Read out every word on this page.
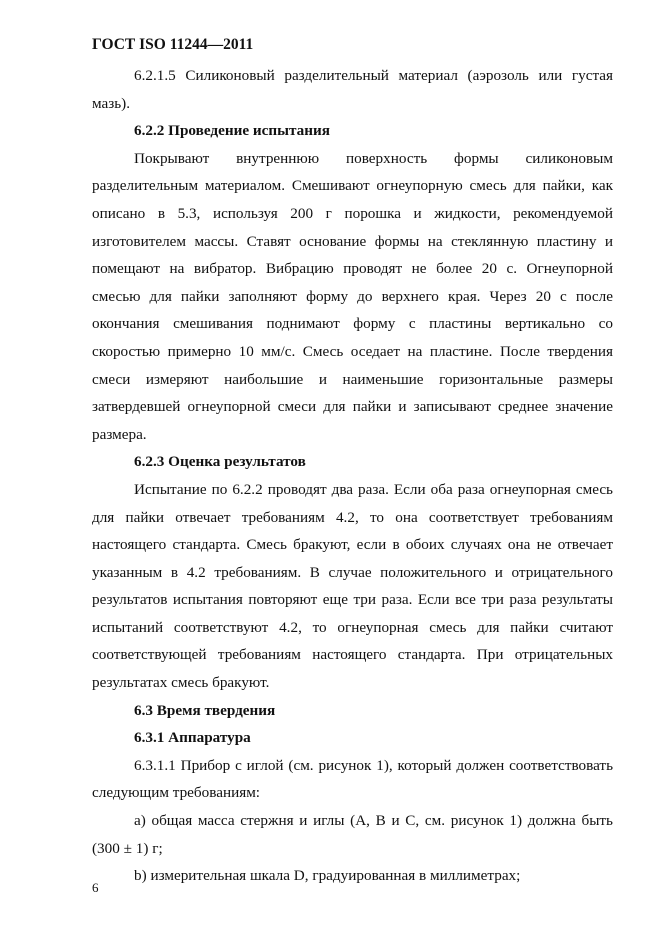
ГОСТ ISO 11244—2011

6.2.1.5 Силиконовый разделительный материал (аэрозоль или густая мазь).

6.2.2 Проведение испытания

Покрывают внутреннюю поверхность формы силиконовым разделительным материалом. Смешивают огнеупорную смесь для пайки, как описано в 5.3, используя 200 г порошка и жидкости, рекомендуемой изготовителем массы. Ставят основание формы на стеклянную пластину и помещают на вибратор. Вибрацию проводят не более 20 с. Огнеупорной смесью для пайки заполняют форму до верхнего края. Через 20 с после окончания смешивания поднимают форму с пластины вертикально со скоростью примерно 10 мм/с. Смесь оседает на пластине. После твердения смеси измеряют наибольшие и наименьшие горизонтальные размеры затвердевшей огнеупорной смеси для пайки и записывают среднее значение размера.

6.2.3 Оценка результатов

Испытание по 6.2.2 проводят два раза. Если оба раза огнеупорная смесь для пайки отвечает требованиям 4.2, то она соответствует требованиям настоящего стандарта. Смесь бракуют, если в обоих случаях она не отвечает указанным в 4.2 требованиям. В случае положительного и отрицательного результатов испытания повторяют еще три раза. Если все три раза результаты испытаний соответствуют 4.2, то огнеупорная смесь для пайки считают соответствующей требованиям настоящего стандарта. При отрицательных результатах смесь бракуют.

6.3 Время твердения
6.3.1 Аппаратура

6.3.1.1 Прибор с иглой (см. рисунок 1), который должен соответствовать следующим требованиям:

а) общая масса стержня и иглы (А, В и С, см. рисунок 1) должна быть (300 ± 1) г;

b) измерительная шкала D, градуированная в миллиметрах;

6
